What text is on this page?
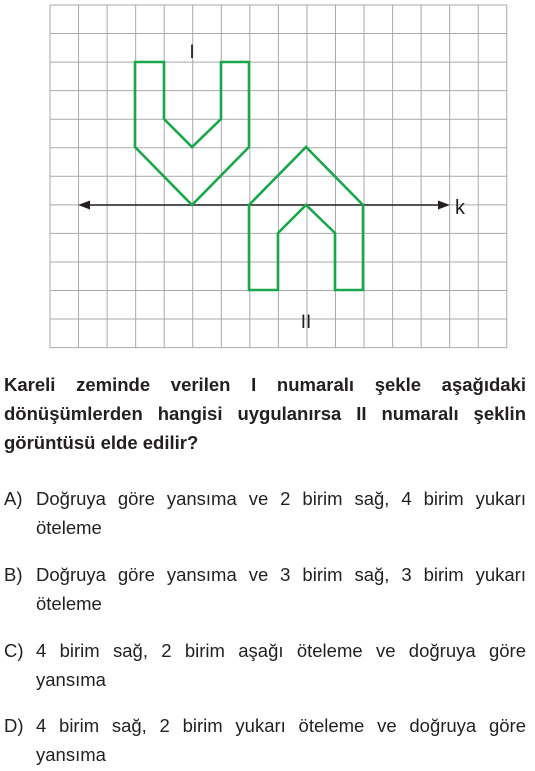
I
II
k

Kareli zeminde verilen I numaralı şekle aşağıdaki dönüşümlerden hangisi uygulanırsa II numaralı şeklin görüntüsü elde edilir?

A) Doğruya göre yansıma ve 2 birim sağ, 4 birim yukarı öteleme
B) Doğruya göre yansıma ve 3 birim sağ, 3 birim yukarı öteleme
C) 4 birim sağ, 2 birim aşağı öteleme ve doğruya göre yansıma
D) 4 birim sağ, 2 birim yukarı öteleme ve doğruya göre yansıma
